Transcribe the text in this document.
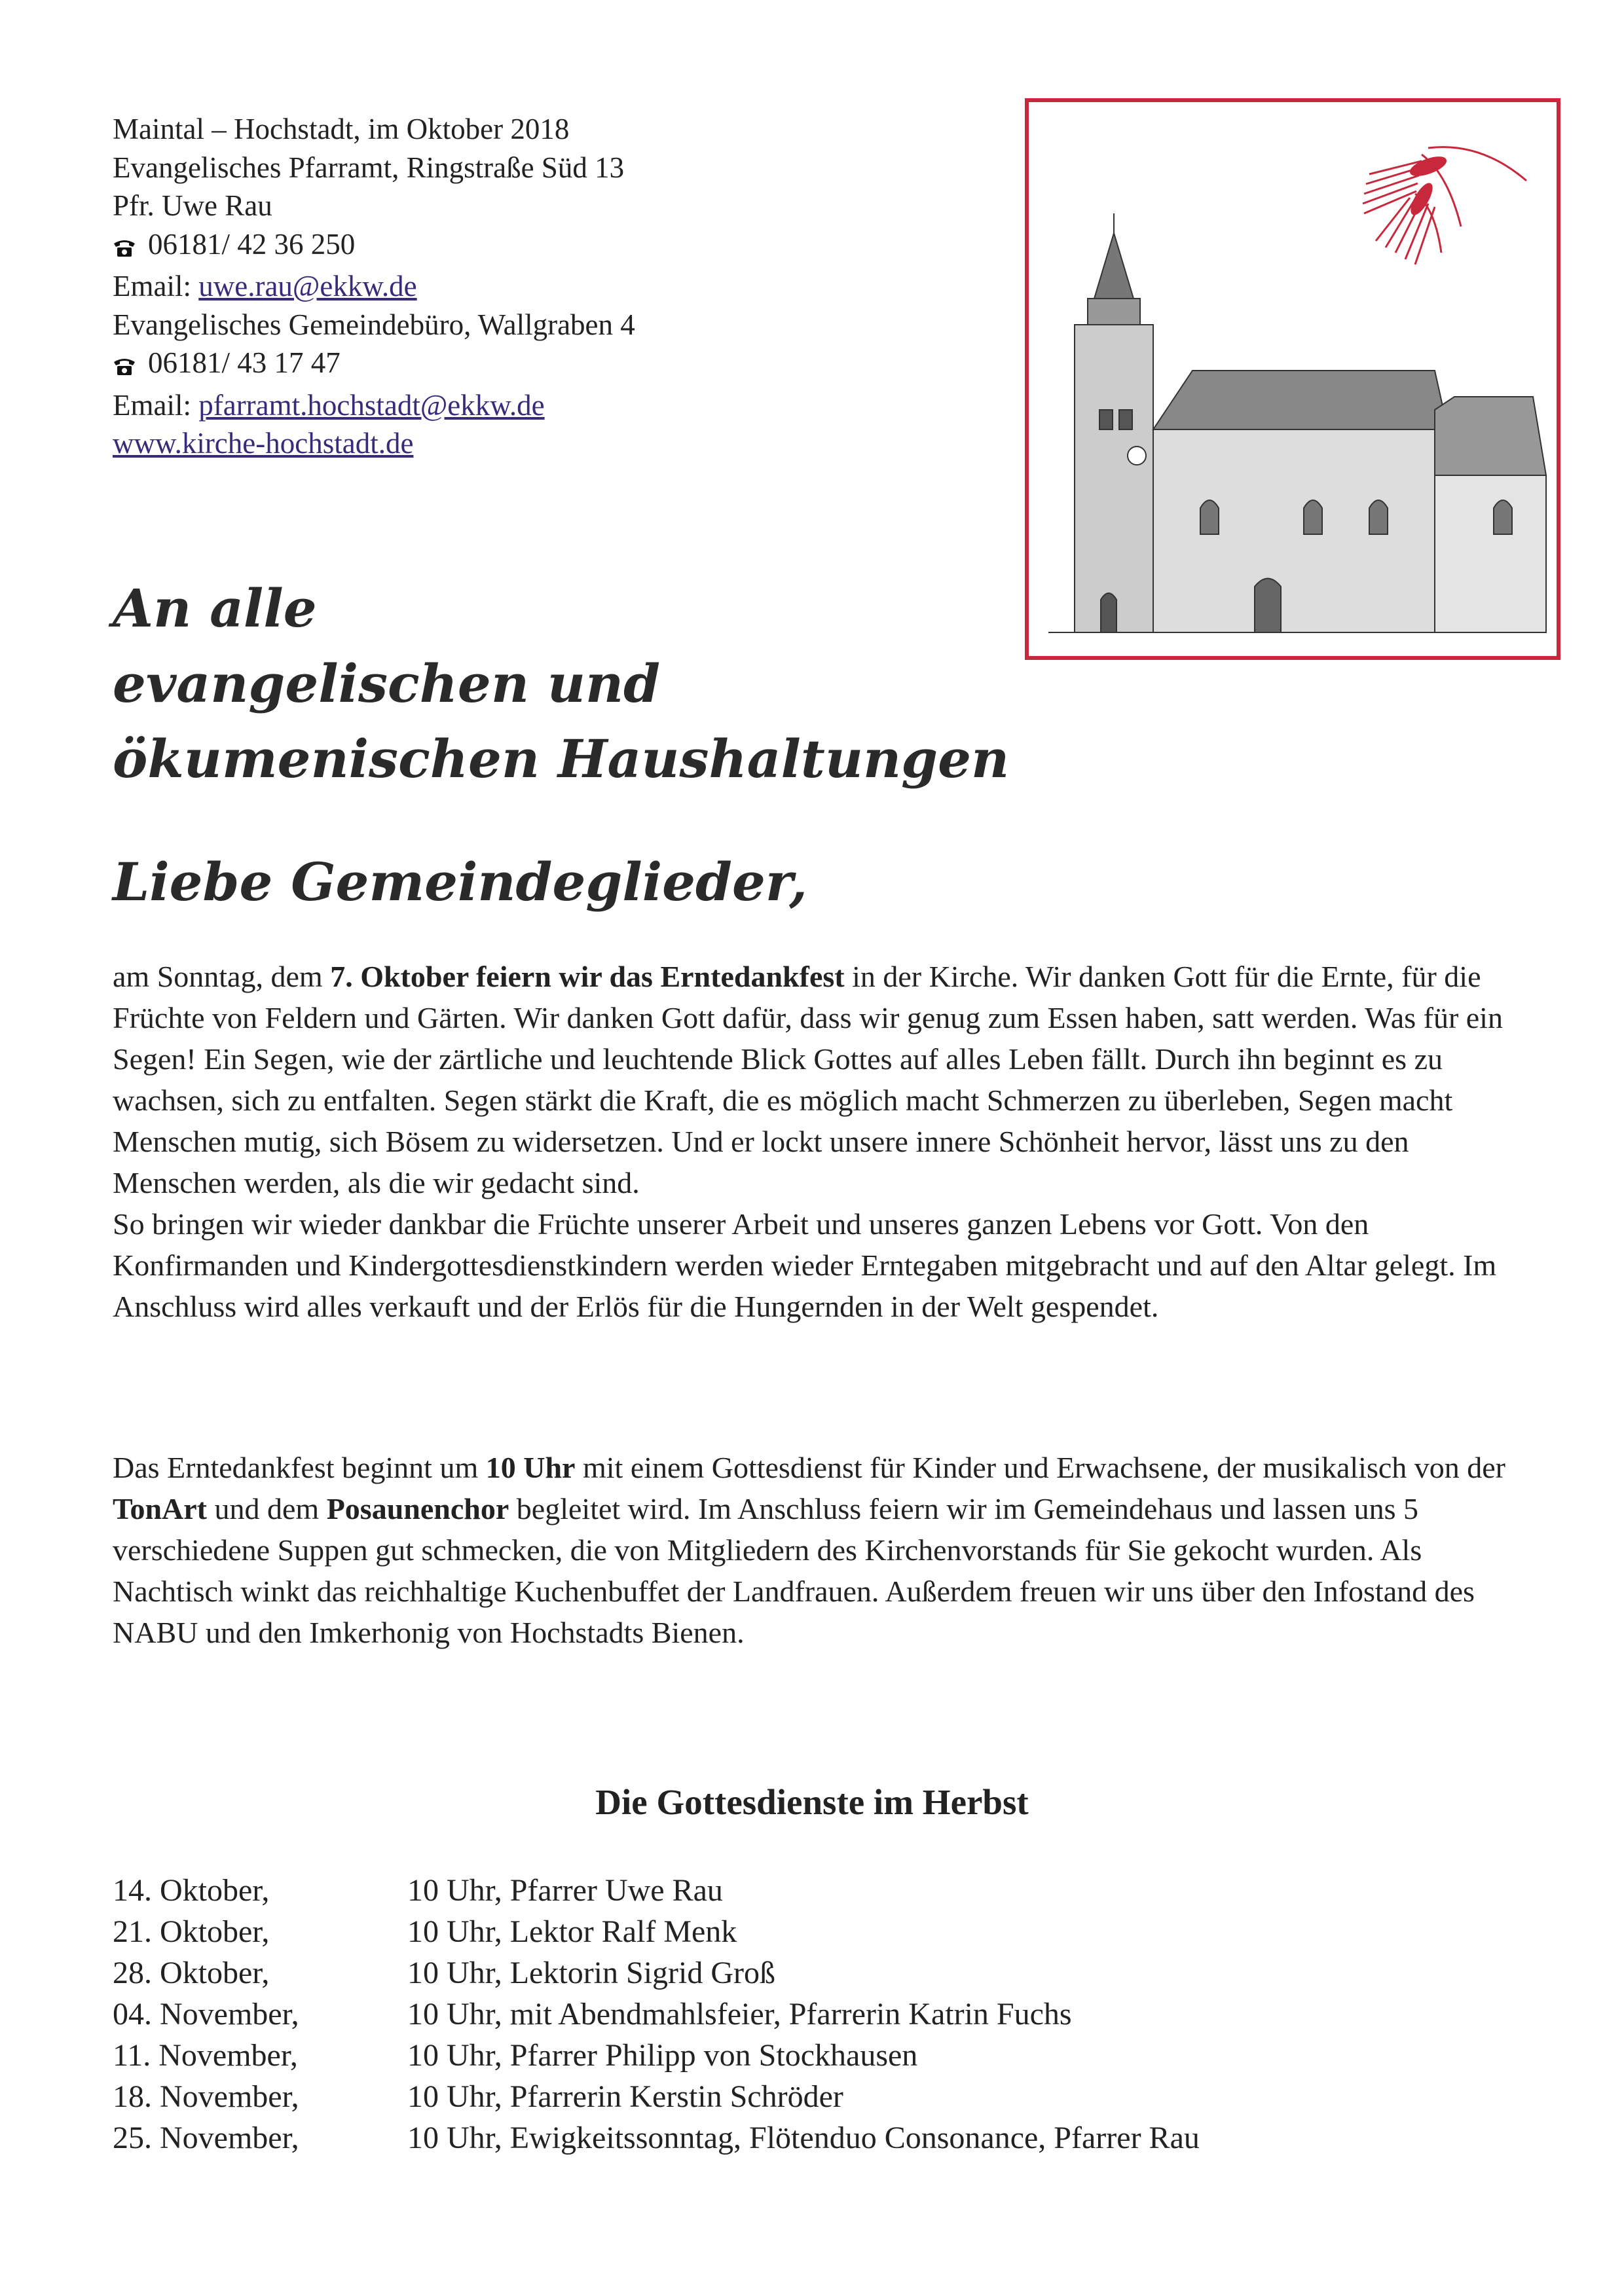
Maintal – Hochstadt, im Oktober 2018
Evangelisches Pfarramt, Ringstraße Süd 13
Pfr. Uwe Rau
06181/ 42 36 250
Email: uwe.rau@ekkw.de
Evangelisches Gemeindebüro, Wallgraben 4
06181/ 43 17 47
Email: pfarramt.hochstadt@ekkw.de
www.kirche-hochstadt.de
An alle
evangelischen und
ökumenischen Haushaltungen
Liebe Gemeindeglieder,
am Sonntag, dem 7. Oktober feiern wir das Erntedankfest in der Kirche. Wir danken Gott für die Ernte, für die Früchte von Feldern und Gärten. Wir danken Gott dafür, dass wir genug zum Essen haben, satt werden. Was für ein Segen! Ein Segen, wie der zärtliche und leuchtende Blick Gottes auf alles Leben fällt. Durch ihn beginnt es zu wachsen, sich zu entfalten. Segen stärkt die Kraft, die es möglich macht Schmerzen zu überleben, Segen macht Menschen mutig, sich Bösem zu widersetzen. Und er lockt unsere innere Schönheit hervor, lässt uns zu den Menschen werden, als die wir gedacht sind.
So bringen wir wieder dankbar die Früchte unserer Arbeit und unseres ganzen Lebens vor Gott. Von den Konfirmanden und Kindergottesdienstkindern werden wieder Erntegaben mitgebracht und auf den Altar gelegt. Im Anschluss wird alles verkauft und der Erlös für die Hungernden in der Welt gespendet.
Das Erntedankfest beginnt um 10 Uhr mit einem Gottesdienst für Kinder und Erwachsene, der musikalisch von der TonArt und dem Posaunenchor begleitet wird. Im Anschluss feiern wir im Gemeindehaus und lassen uns 5 verschiedene Suppen gut schmecken, die von Mitgliedern des Kirchenvorstands für Sie gekocht wurden. Als Nachtisch winkt das reichhaltige Kuchenbuffet der Landfrauen. Außerdem freuen wir uns über den Infostand des NABU und den Imkerhonig von Hochstadts Bienen.
Die Gottesdienste im Herbst
14. Oktober,	10 Uhr, Pfarrer Uwe Rau
21. Oktober,	10 Uhr, Lektor Ralf Menk
28. Oktober,	10 Uhr, Lektorin Sigrid Groß
04. November,	10 Uhr, mit Abendmahlsfeier, Pfarrerin Katrin Fuchs
11. November,	10 Uhr, Pfarrer Philipp von Stockhausen
18. November,	10 Uhr, Pfarrerin Kerstin Schröder
25. November,	10 Uhr, Ewigkeitssonntag, Flötenduo Consonance, Pfarrer Rau
